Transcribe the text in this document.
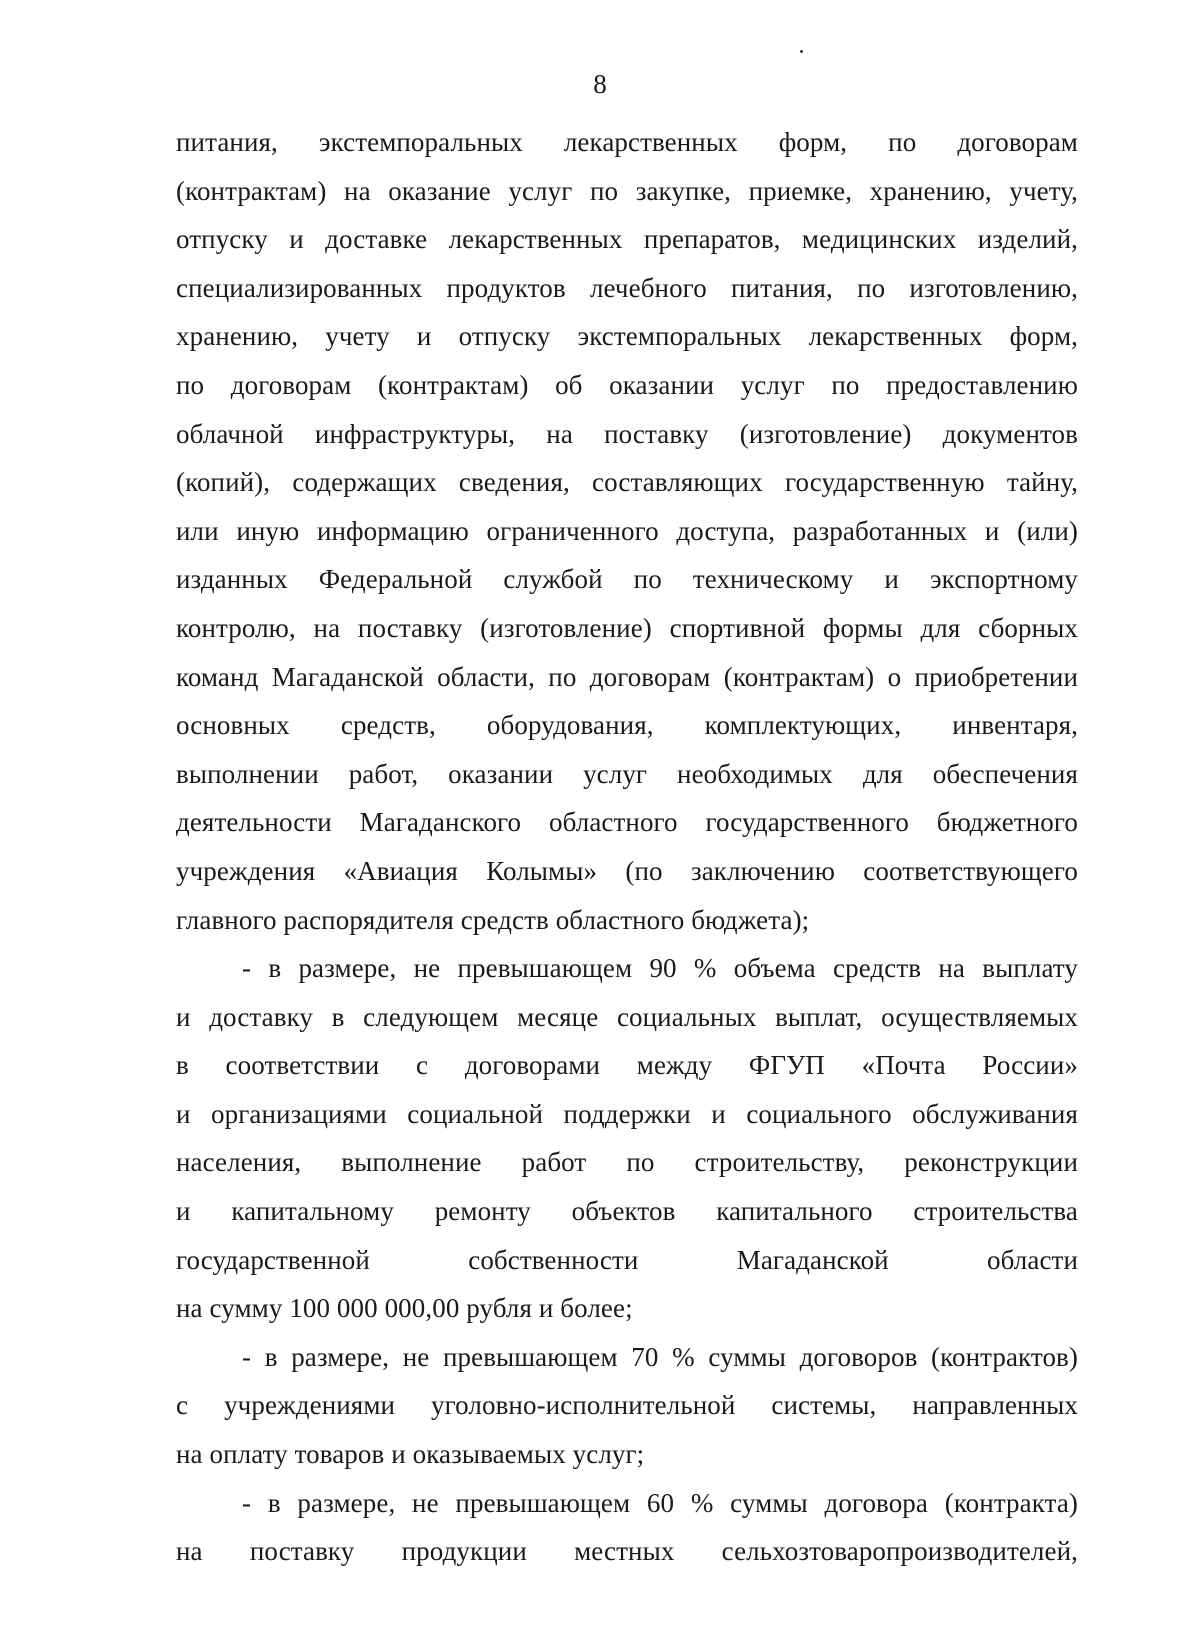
8

питания, экстемпоральных лекарственных форм, по договорам
(контрактам) на оказание услуг по закупке, приемке, хранению, учету,
отпуску и доставке лекарственных препаратов, медицинских изделий,
специализированных продуктов лечебного питания, по изготовлению,
хранению, учету и отпуску экстемпоральных лекарственных форм,
по договорам (контрактам) об оказании услуг по предоставлению
облачной инфраструктуры, на поставку (изготовление) документов
(копий), содержащих сведения, составляющих государственную тайну,
или иную информацию ограниченного доступа, разработанных и (или)
изданных Федеральной службой по техническому и экспортному
контролю, на поставку (изготовление) спортивной формы для сборных
команд Магаданской области, по договорам (контрактам) о приобретении
основных средств, оборудования, комплектующих, инвентаря,
выполнении работ, оказании услуг необходимых для обеспечения
деятельности Магаданского областного государственного бюджетного
учреждения «Авиация Колымы» (по заключению соответствующего
главного распорядителя средств областного бюджета);

- в размере, не превышающем 90 % объема средств на выплату
и доставку в следующем месяце социальных выплат, осуществляемых
в соответствии с договорами между ФГУП «Почта России»
и организациями социальной поддержки и социального обслуживания
населения, выполнение работ по строительству, реконструкции
и капитальному ремонту объектов капитального строительства
государственной собственности Магаданской области
на сумму 100 000 000,00 рубля и более;

- в размере, не превышающем 70 % суммы договоров (контрактов)
с учреждениями уголовно-исполнительной системы, направленных
на оплату товаров и оказываемых услуг;

- в размере, не превышающем 60 % суммы договора (контракта)
на поставку продукции местных сельхозтоваропроизводителей,
